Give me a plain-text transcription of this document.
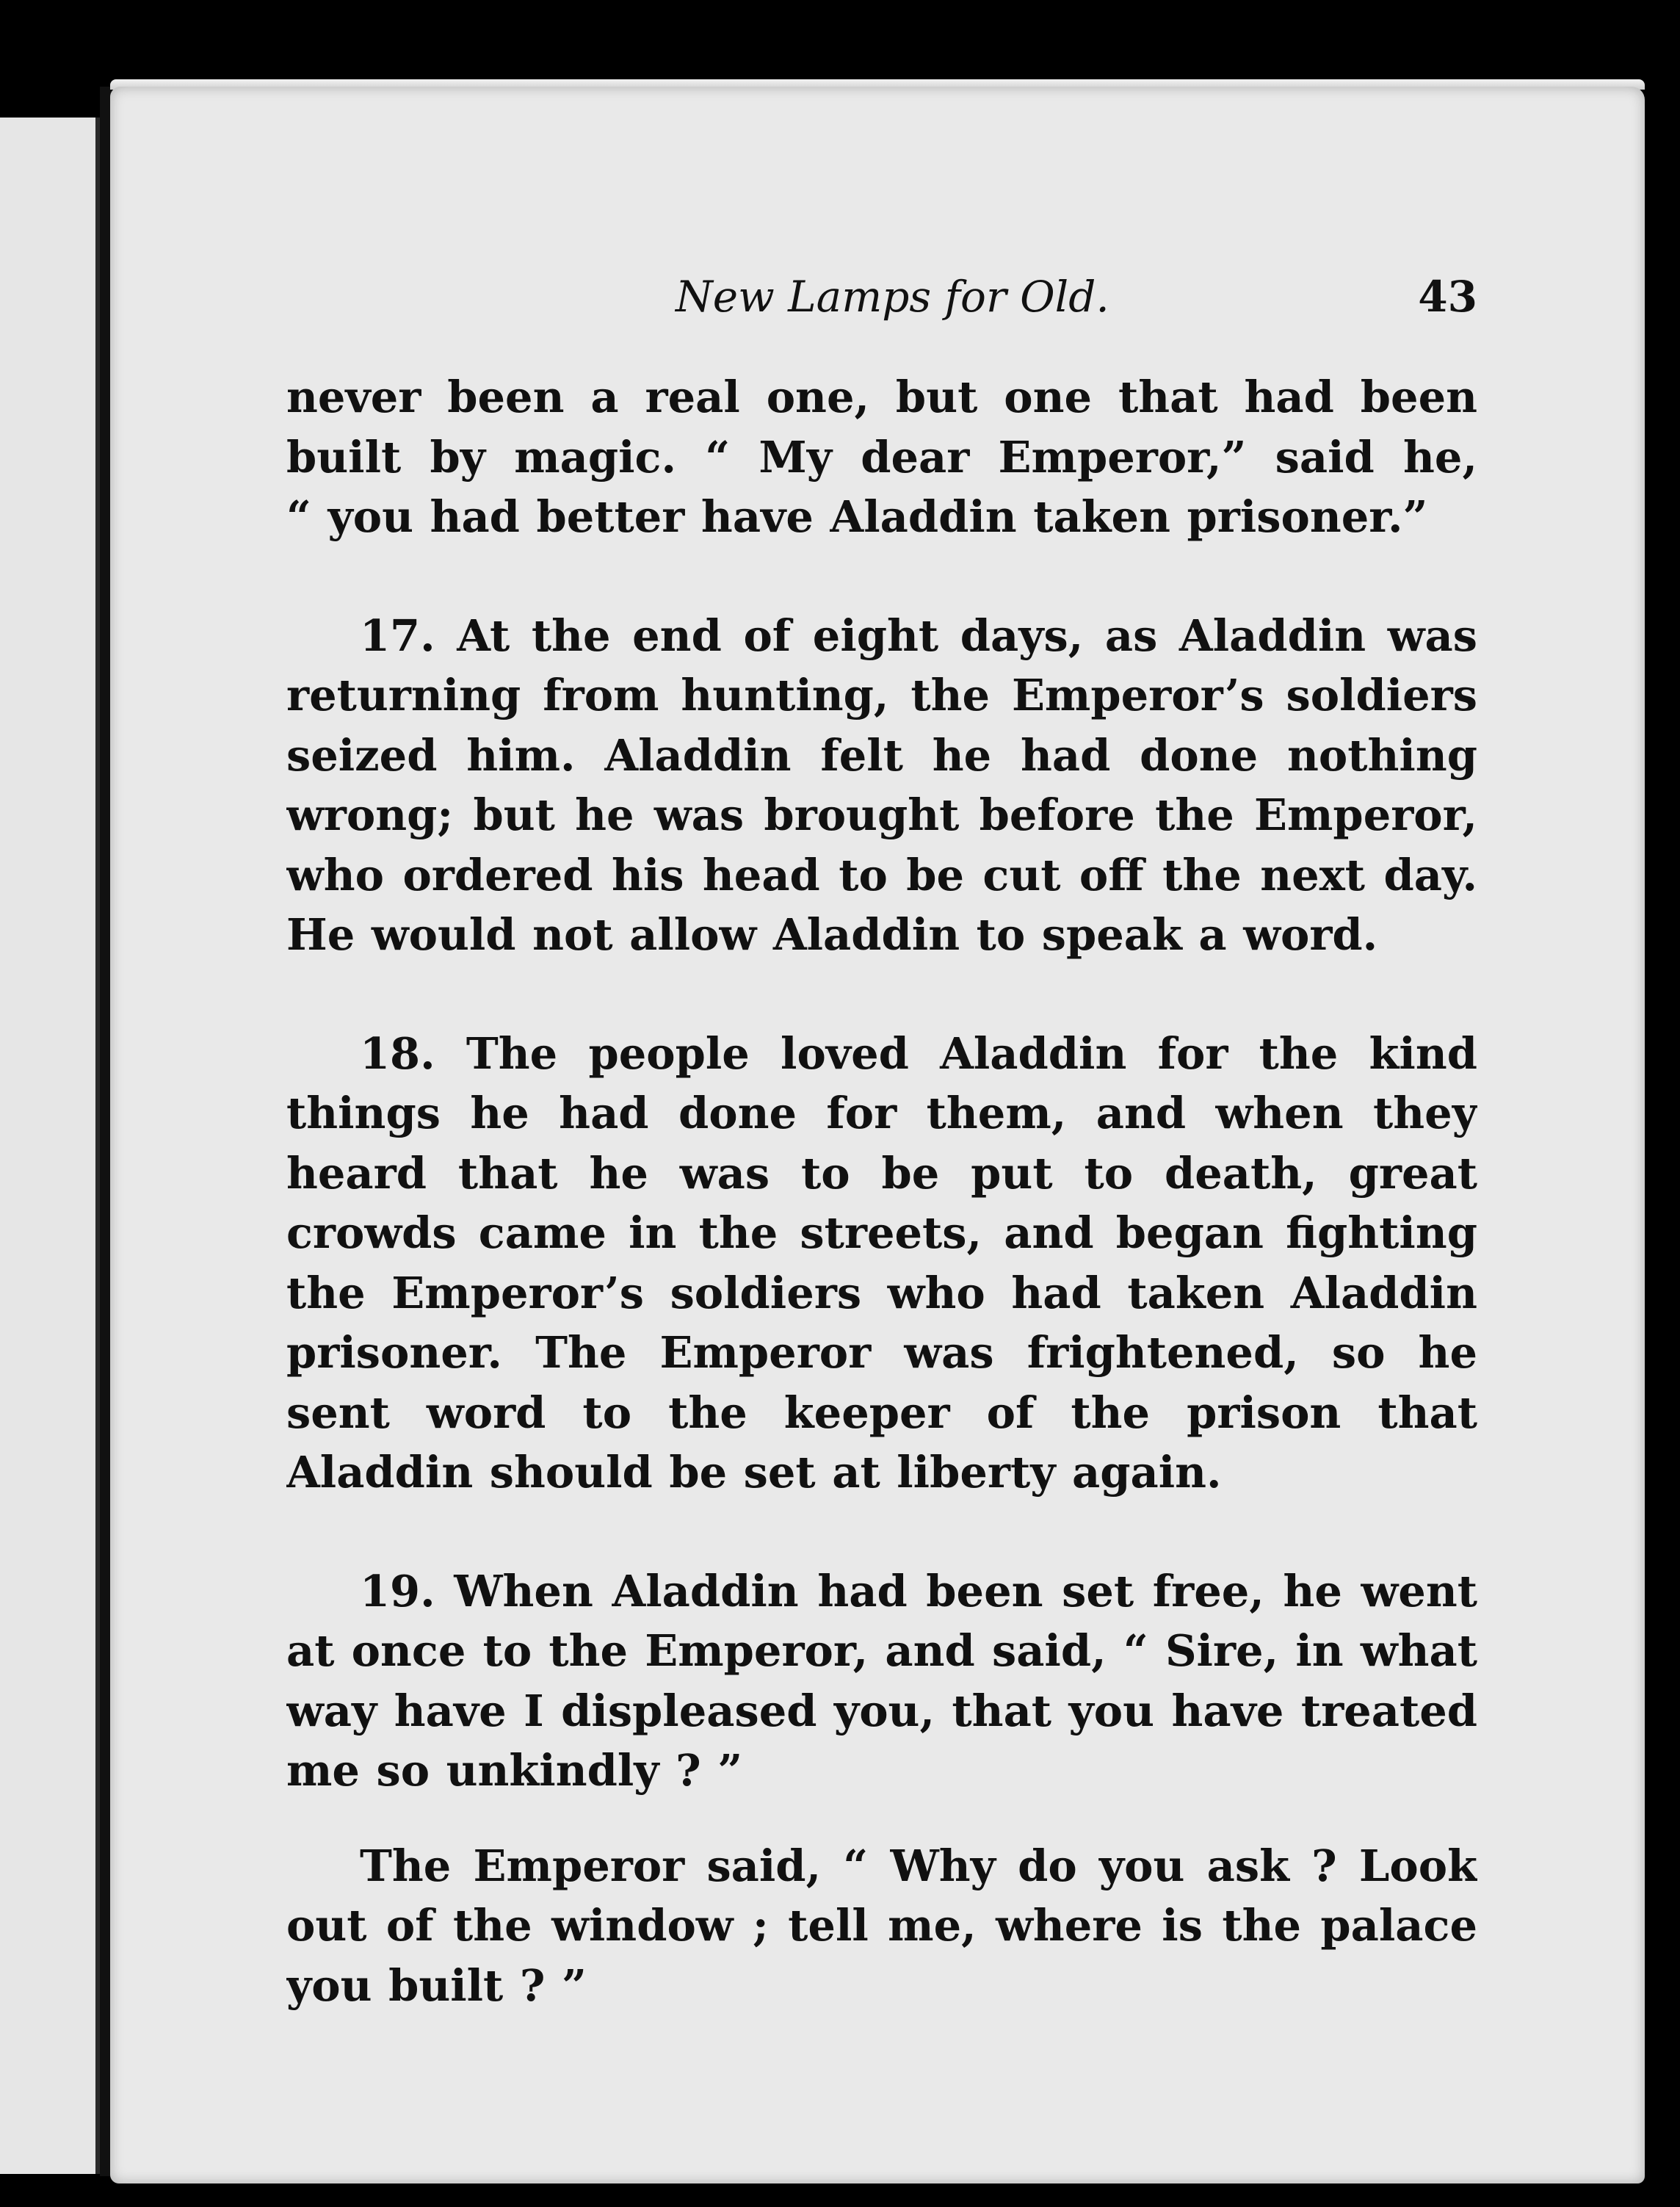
New Lamps for Old.	43
never been a real one, but one that had been
built by magic. “ My dear Emperor,” said he,
“ you had better have Aladdin taken prisoner.”
17. At the end of eight days, as Aladdin was
returning from hunting, the Emperor’s soldiers
seized him. Aladdin felt he had done nothing
wrong; but he was brought before the Emperor,
who ordered his head to be cut off the next day.
He would not allow Aladdin to speak a word.
18. The people loved Aladdin for the kind
things he had done for them, and when they
heard that he was to be put to death, great
crowds came in the streets, and began fighting
the Emperor’s soldiers who had taken Aladdin
prisoner. The Emperor was frightened, so he
sent word to the keeper of the prison that
Aladdin should be set at liberty again.
19. When Aladdin had been set free, he went
at once to the Emperor, and said, “ Sire, in what
way have I displeased you, that you have treated
me so unkindly ? ”
The Emperor said, “ Why do you ask ? Look
out of the window ; tell me, where is the palace
you built ? ”
